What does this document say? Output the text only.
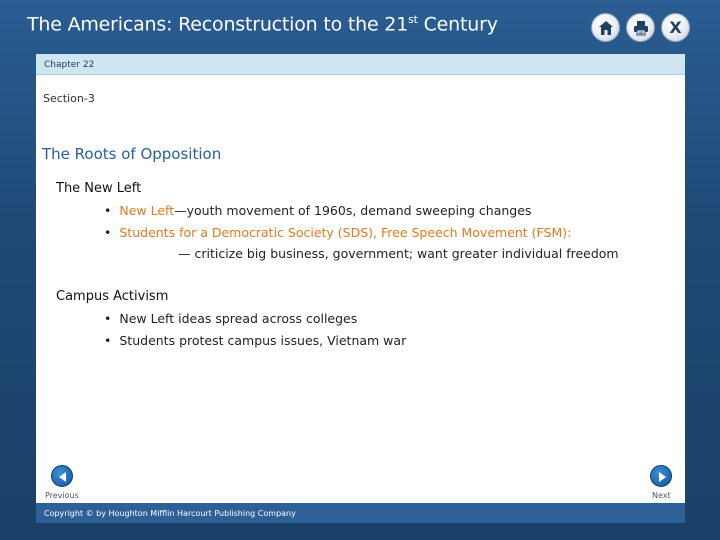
The Americans: Reconstruction to the 21st Century	X
Chapter 22
Section-3
The Roots of Opposition
The New Left
• New Left—youth movement of 1960s, demand sweeping changes
• Students for a Democratic Society (SDS), Free Speech Movement (FSM):
— criticize big business, government; want greater individual freedom
Campus Activism
• New Left ideas spread across colleges
• Students protest campus issues, Vietnam war
Previous	Next
Copyright © by Houghton Mifflin Harcourt Publishing Company
